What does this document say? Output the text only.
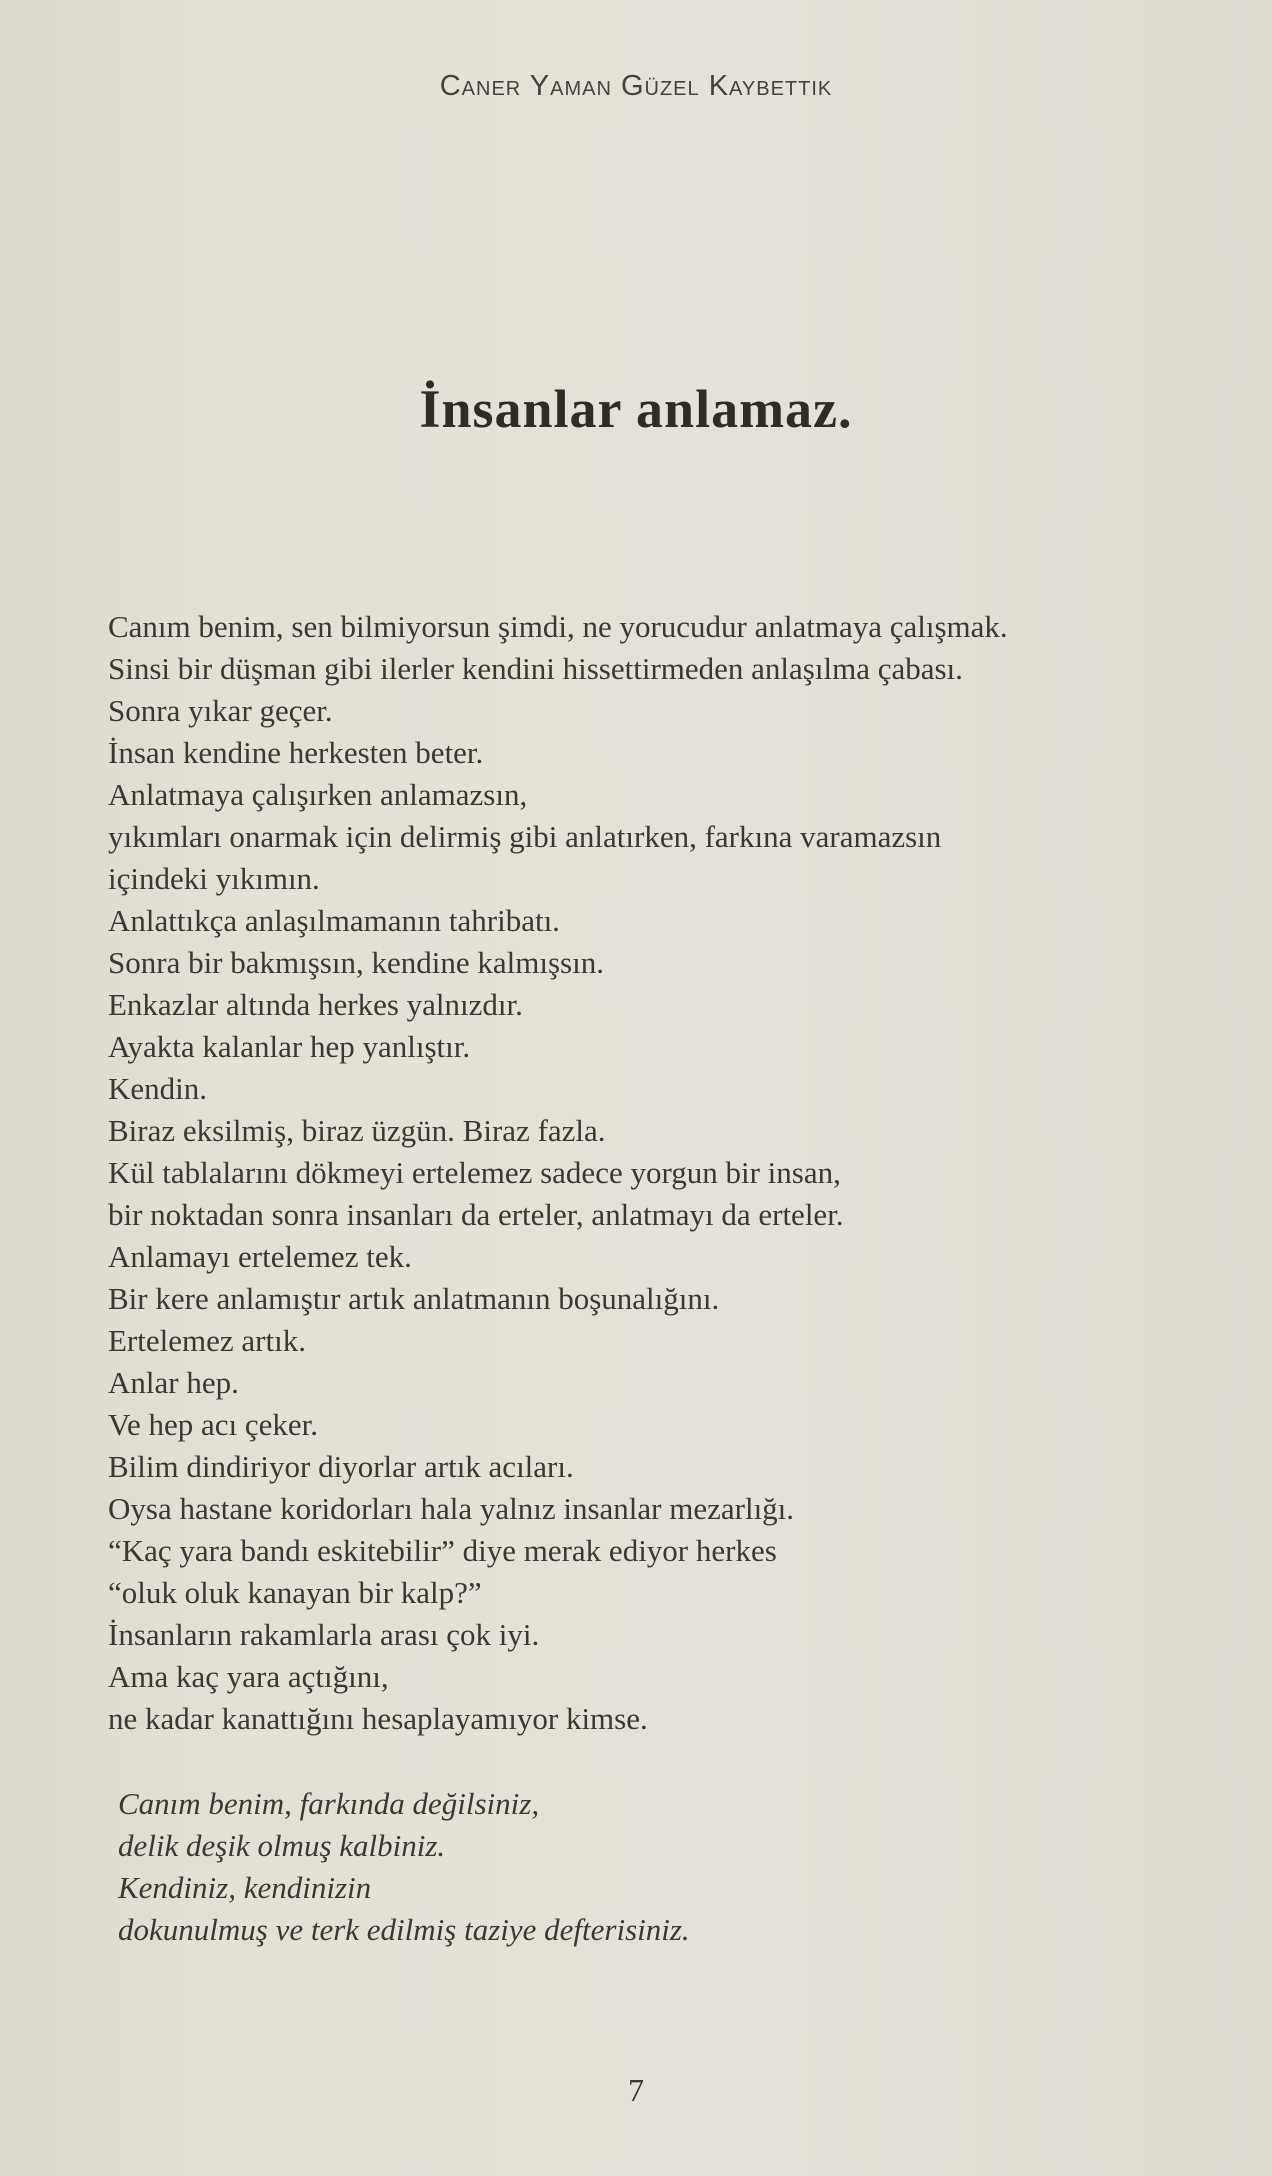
Caner Yaman Güzel Kaybettik
İnsanlar anlamaz.
Canım benim, sen bilmiyorsun şimdi, ne yorucudur anlatmaya çalışmak.
Sinsi bir düşman gibi ilerler kendini hissettirmeden anlaşılma çabası.
Sonra yıkar geçer.
İnsan kendine herkesten beter.
Anlatmaya çalışırken anlamazsın,
yıkımları onarmak için delirmiş gibi anlatırken, farkına varamazsın
içindeki yıkımın.
Anlattıkça anlaşılmamanın tahribatı.
Sonra bir bakmışsın, kendine kalmışsın.
Enkazlar altında herkes yalnızdır.
Ayakta kalanlar hep yanlıştır.
Kendin.
Biraz eksilmiş, biraz üzgün. Biraz fazla.
Kül tablalarını dökmeyi ertelemez sadece yorgun bir insan,
bir noktadan sonra insanları da erteler, anlatmayı da erteler.
Anlamayı ertelemez tek.
Bir kere anlamıştır artık anlatmanın boşunalığını.
Ertelemez artık.
Anlar hep.
Ve hep acı çeker.
Bilim dindiriyor diyorlar artık acıları.
Oysa hastane koridorları hala yalnız insanlar mezarlığı.
“Kaç yara bandı eskitebilir” diye merak ediyor herkes
“oluk oluk kanayan bir kalp?”
İnsanların rakamlarla arası çok iyi.
Ama kaç yara açtığını,
ne kadar kanattığını hesaplayamıyor kimse.
Canım benim, farkında değilsiniz,
delik deşik olmuş kalbiniz.
Kendiniz, kendinizin
dokunulmuş ve terk edilmiş taziye defterisiniz.
7
